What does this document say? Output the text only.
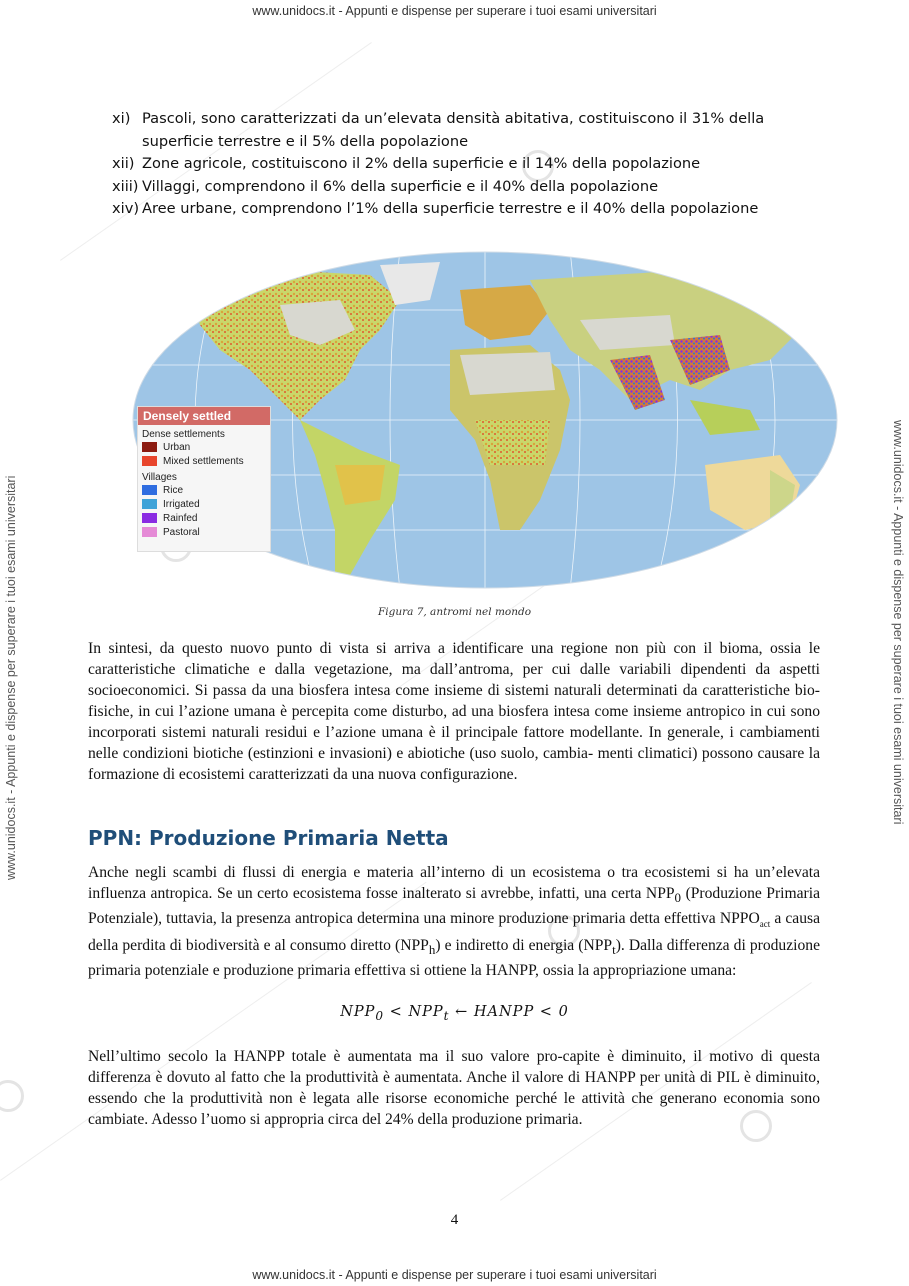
www.unidocs.it - Appunti e dispense per superare i tuoi esami universitari
www.unidocs.it - Appunti e dispense per superare i tuoi esami universitari
www.unidocs.it - Appunti e dispense per superare i tuoi esami universitari	www.unidocs.it - Appunti e dispense per superare i tuoi esami universitari
xi) Pascoli, sono caratterizzati da un’elevata densità abitativa, costituiscono il 31% della superficie terrestre e il 5% della popolazione
xii) Zone agricole, costituiscono il 2% della superficie e il 14% della popolazione
xiii) Villaggi, comprendono il 6% della superficie e il 40% della popolazione
xiv) Aree urbane, comprendono l’1% della superficie terrestre e il 40% della popolazione
Densely settled
Dense settlements
Urban
Mixed settlements
Villages
Rice
Irrigated
Rainfed
Pastoral
Figura 7, antromi nel mondo

In sintesi, da questo nuovo punto di vista si arriva a identificare una regione non più con il bioma, ossia le caratteristiche climatiche e dalla vegetazione, ma dall’antroma, per cui dalle variabili dipendenti da aspetti socioeconomici. Si passa da una biosfera intesa come insieme di sistemi naturali determinati da caratteristiche bio-fisiche, in cui l’azione umana è percepita come disturbo, ad una biosfera intesa come insieme antropico in cui sono incorporati sistemi naturali residui e l’azione umana è il principale fattore modellante. In generale, i cambiamenti nelle condizioni biotiche (estinzioni e invasioni) e abiotiche (uso suolo, cambia- menti climatici) possono causare la formazione di ecosistemi caratterizzati da una nuova configurazione.

PPN: Produzione Primaria Netta

Anche negli scambi di flussi di energia e materia all’interno di un ecosistema o tra ecosistemi si ha un’elevata influenza antropica. Se un certo ecosistema fosse inalterato si avrebbe, infatti, una certa $NPP_0$ (Produzione Primaria Potenziale), tuttavia, la presenza antropica determina una minore produzione primaria detta effettiva $NPPO_{act}$ a causa della perdita di biodiversità e al consumo diretto $(NPP_h)$ e indiretto di energia $(NPP_t)$. Dalla differenza di produzione primaria potenziale e produzione primaria effettiva si ottiene la HANPP, ossia la appropriazione umana:

$NPP_0 < NPP_t$ ← HANPP < 0

Nell’ultimo secolo la HANPP totale è aumentata ma il suo valore pro-capite è diminuito, il motivo di questa differenza è dovuto al fatto che la produttività è aumentata. Anche il valore di HANPP per unità di PIL è diminuito, essendo che la produttività non è legata alle risorse economiche perché le attività che generano economia sono cambiate. Adesso l’uomo si appropria circa del 24% della produzione primaria.

4
